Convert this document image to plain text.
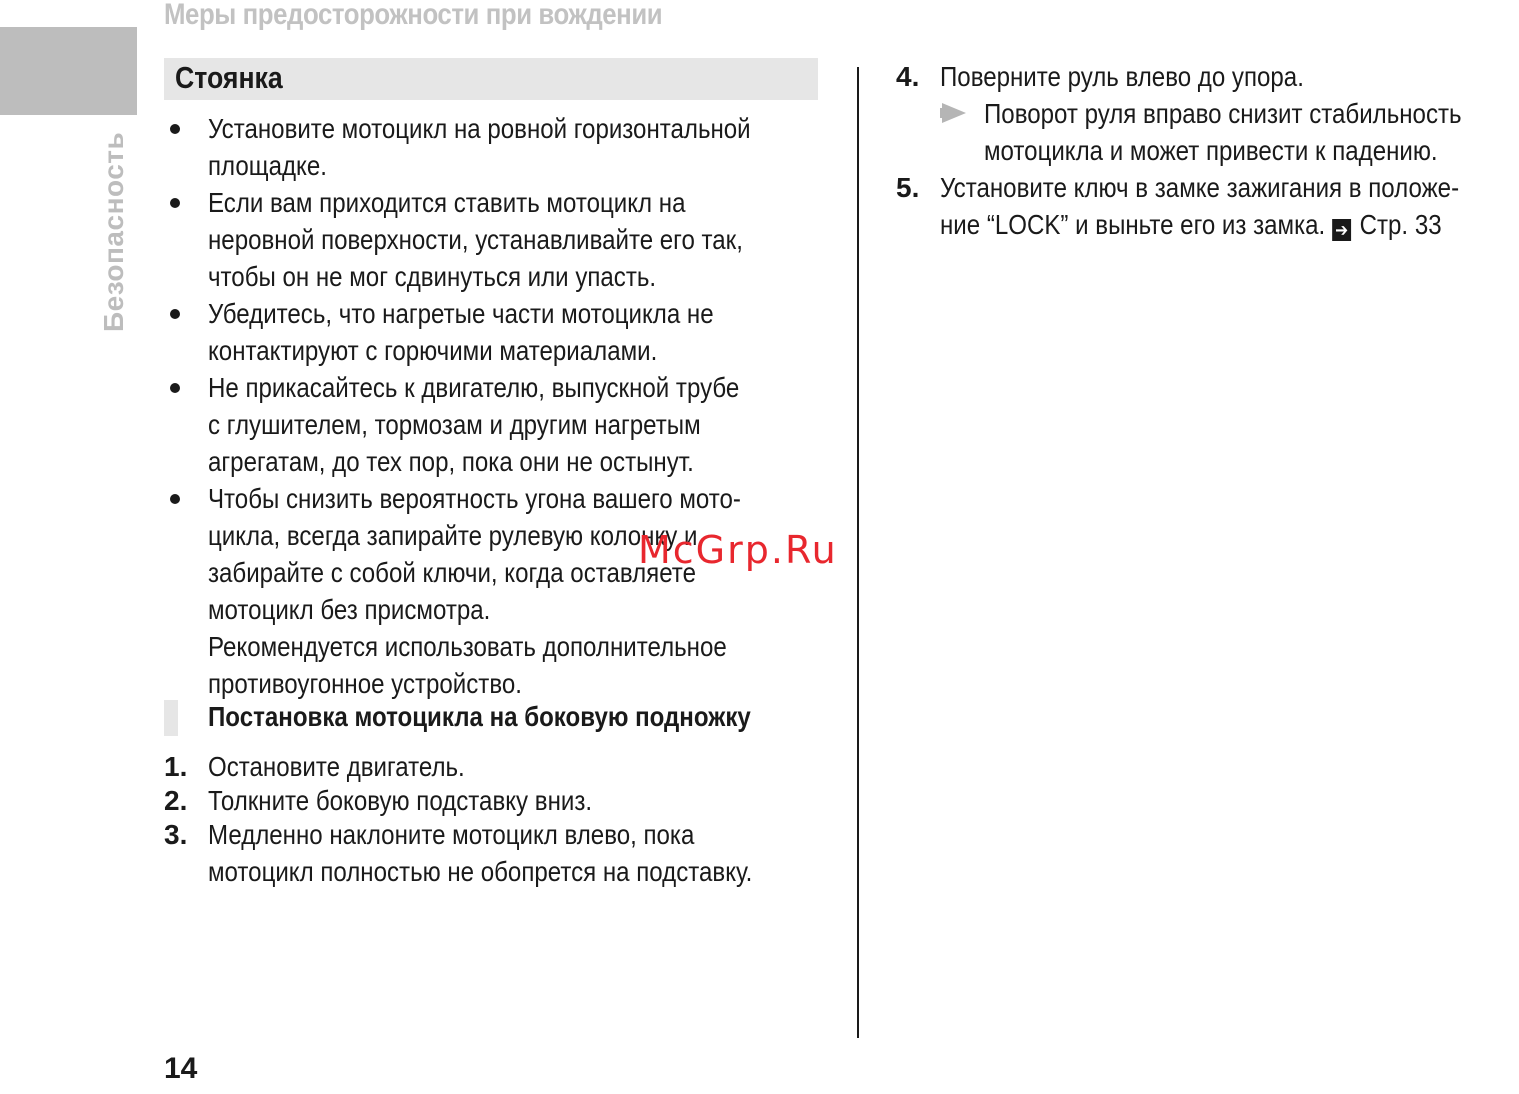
Меры предосторожности при вождении
Безопасность
Стоянка
Установите мотоцикл на ровной горизонтальной
площадке.
Если вам приходится ставить мотоцикл на
неровной поверхности, устанавливайте его так,
чтобы он не мог сдвинуться или упасть.
Убедитесь, что нагретые части мотоцикла не
контактируют с горючими материалами.
Не прикасайтесь к двигателю, выпускной трубе
с глушителем, тормозам и другим нагретым
агрегатам, до тех пор, пока они не остынут.
Чтобы снизить вероятность угона вашего мото-
цикла, всегда запирайте рулевую колонку и
забирайте с собой ключи, когда оставляете
мотоцикл без присмотра.
Рекомендуется использовать дополнительное
противоугонное устройство.
Постановка мотоцикла на боковую подножку
1. Остановите двигатель.
2. Толкните боковую подставку вниз.
3. Медленно наклоните мотоцикл влево, пока
мотоцикл полностью не обопрется на подставку.
4. Поверните руль влево до упора.
Поворот руля вправо снизит стабильность
мотоцикла и может привести к падению.
5. Установите ключ в замке зажигания в положе-
ние “LOCK” и выньте его из замка. ➔ Стр. 33
McGrp.Ru
14
